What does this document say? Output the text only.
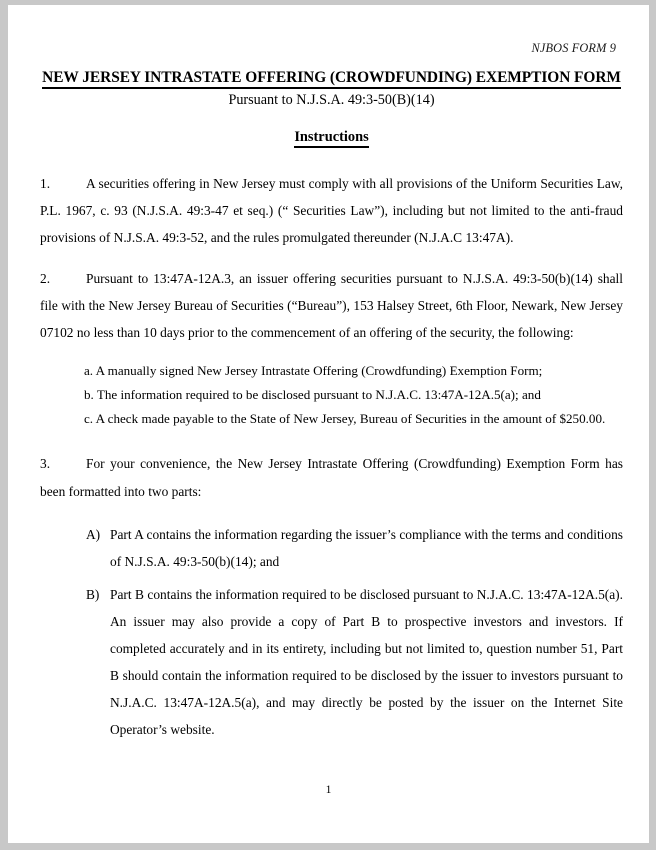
NJBOS FORM 9
NEW JERSEY INTRASTATE OFFERING (CROWDFUNDING) EXEMPTION FORM
Pursuant to N.J.S.A. 49:3-50(B)(14)
Instructions

1.	A securities offering in New Jersey must comply with all provisions of the Uniform Securities Law, P.L. 1967, c. 93 (N.J.S.A. 49:3-47 et seq.) (“ Securities Law”), including but not limited to the anti-fraud provisions of N.J.S.A. 49:3-52, and the rules promulgated thereunder (N.J.A.C 13:47A).

2.	Pursuant to 13:47A-12A.3, an issuer offering securities pursuant to N.J.S.A. 49:3-50(b)(14) shall file with the New Jersey Bureau of Securities (“Bureau”), 153 Halsey Street, 6th Floor, Newark, New Jersey 07102 no less than 10 days prior to the commencement of an offering of the security, the following:

a. A manually signed New Jersey Intrastate Offering (Crowdfunding) Exemption Form;
b. The information required to be disclosed pursuant to N.J.A.C. 13:47A-12A.5(a); and
c. A check made payable to the State of New Jersey, Bureau of Securities in the amount of $250.00.

3.	For your convenience, the New Jersey Intrastate Offering (Crowdfunding) Exemption Form has been formatted into two parts:

A) Part A contains the information regarding the issuer’s compliance with the terms and conditions of N.J.S.A. 49:3-50(b)(14); and
B) Part B contains the information required to be disclosed pursuant to N.J.A.C. 13:47A-12A.5(a). An issuer may also provide a copy of Part B to prospective investors and investors. If completed accurately and in its entirety, including but not limited to, question number 51, Part B should contain the information required to be disclosed by the issuer to investors pursuant to N.J.A.C. 13:47A-12A.5(a), and may directly be posted by the issuer on the Internet Site Operator’s website.
1
